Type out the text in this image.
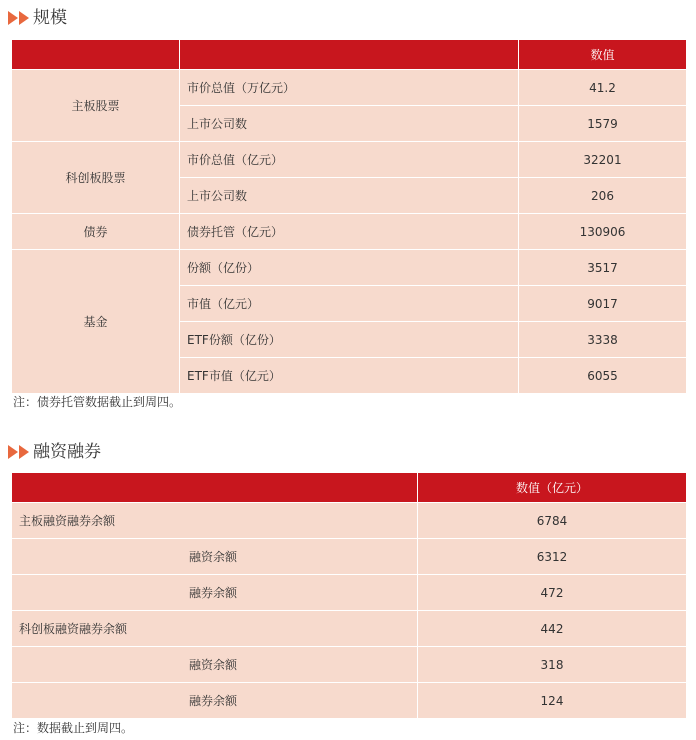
规模
		数值
主板股票	市价总值（万亿元）	41.2
	上市公司数	1579
科创板股票	市价总值（亿元）	32201
	上市公司数	206
债券	债券托管（亿元）	130906
基金	份额（亿份）	3517
	市值（亿元）	9017
	ETF份额（亿份）	3338
	ETF市值（亿元）	6055
注：债券托管数据截止到周四。
融资融券
	数值（亿元）
主板融资融券余额	6784
融资余额	6312
融券余额	472
科创板融资融券余额	442
融资余额	318
融券余额	124
注：数据截止到周四。
